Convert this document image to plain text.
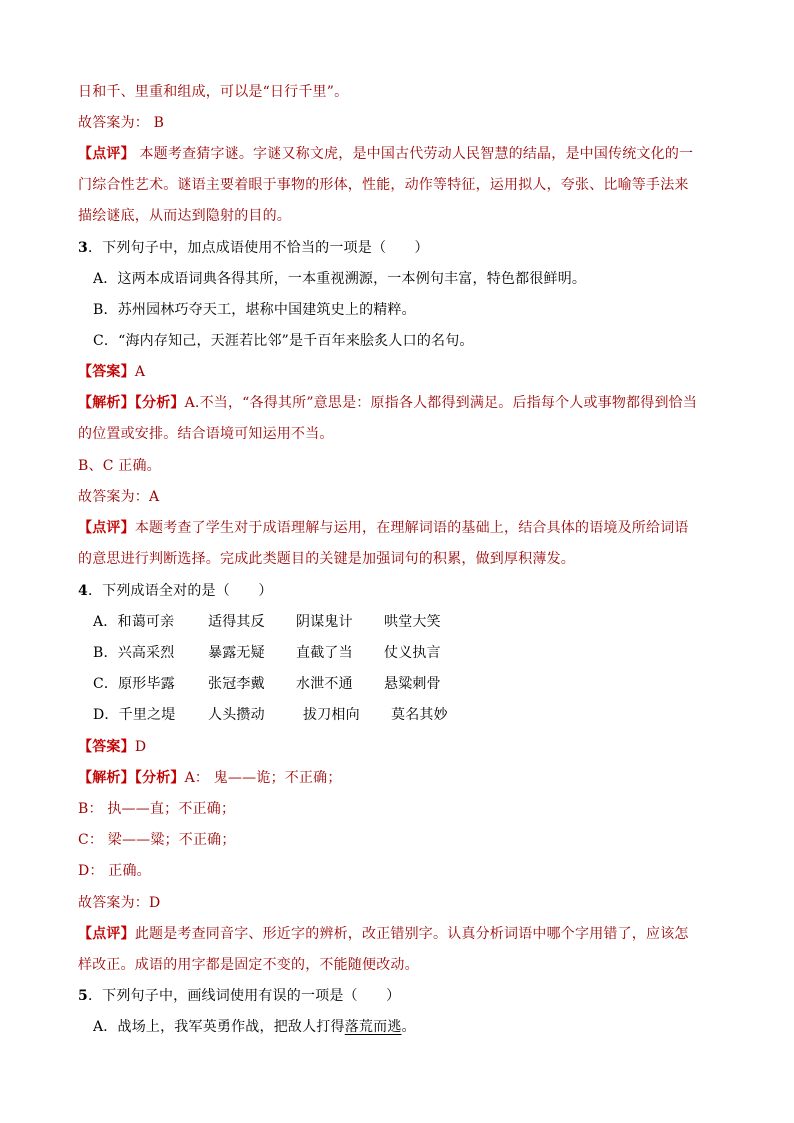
日和千、里重和组成，可以是“日行千里”。
故答案为： B
【点评】 本题考查猜字谜。字谜又称文虎，是中国古代劳动人民智慧的结晶，是中国传统文化的一
门综合性艺术。谜语主要着眼于事物的形体，性能，动作等特征，运用拟人，夸张、比喻等手法来
描绘谜底，从而达到隐射的目的。
3．下列句子中，加点成语使用不恰当的一项是（　　）
A．这两本成语词典各得其所，一本重视溯源，一本例句丰富，特色都很鲜明。
B．苏州园林巧夺天工，堪称中国建筑史上的精粹。
C．“海内存知己，天涯若比邻”是千百年来脍炙人口的名句。
【答案】A
【解析】【分析】A.不当，“各得其所”意思是：原指各人都得到满足。后指每个人或事物都得到恰当
的位置或安排。结合语境可知运用不当。
B、C 正确。
故答案为：A
【点评】本题考查了学生对于成语理解与运用，在理解词语的基础上，结合具体的语境及所给词语
的意思进行判断选择。完成此类题目的关键是加强词句的积累，做到厚积薄发。
4．下列成语全对的是（　　）
【答案】D
【解析】【分析】A： 鬼——诡；不正确；
B： 执——直；不正确；
C： 梁——粱；不正确；
D： 正确。
故答案为：D
【点评】此题是考查同音字、形近字的辨析，改正错别字。认真分析词语中哪个字用错了，应该怎
样改正。成语的用字都是固定不变的，不能随便改动。
5．下列句子中，画线词使用有误的一项是（　　）
A．战场上，我军英勇作战，把敌人打得落荒而逃。
A．和蔼可亲 适得其反 阴谋鬼计 哄堂大笑
B．兴高采烈 暴露无疑 直截了当 仗义执言
C．原形毕露 张冠李戴 水泄不通 悬粱刺骨
D．千里之堤 人头攒动	拔刀相向 莫名其妙
